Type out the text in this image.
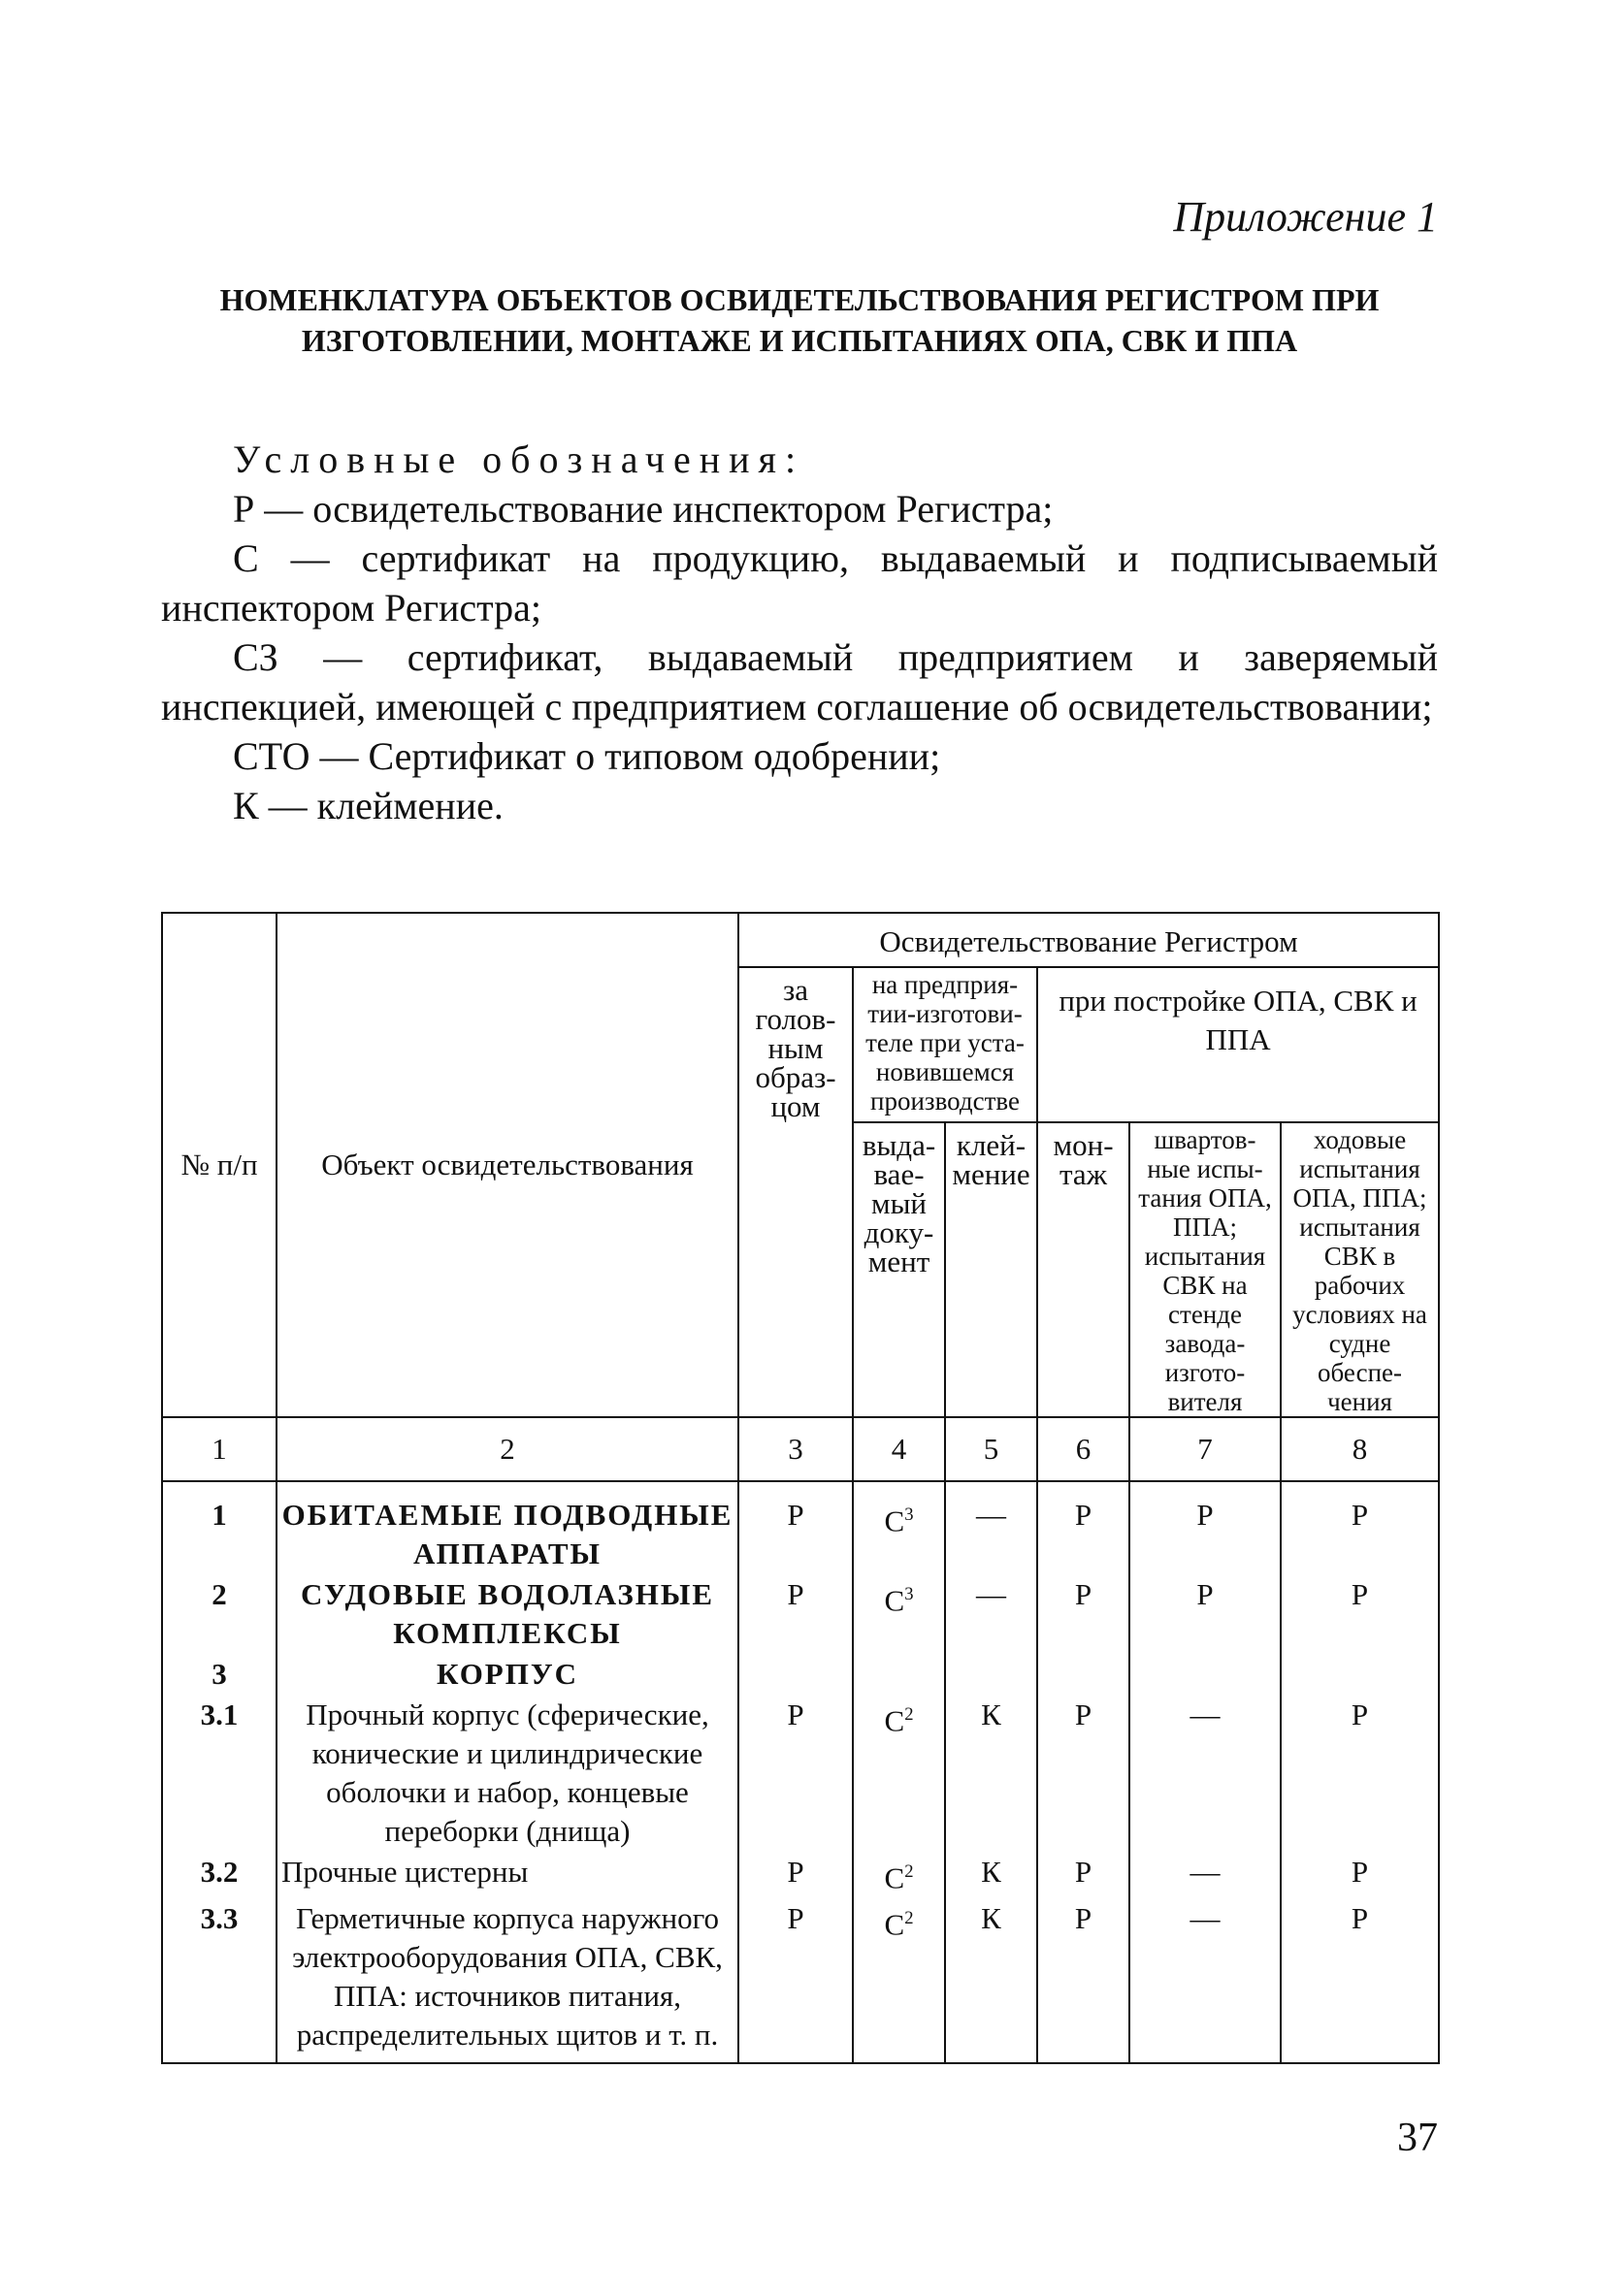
Приложение 1
НОМЕНКЛАТУРА ОБЪЕКТОВ ОСВИДЕТЕЛЬСТВОВАНИЯ РЕГИСТРОМ ПРИ
ИЗГОТОВЛЕНИИ, МОНТАЖЕ И ИСПЫТАНИЯХ ОПА, СВК И ППА

Условные обозначения:

Р — освидетельствование инспектором Регистра;

С — сертификат на продукцию, выдаваемый и подписываемый инспектором Регистра;

СЗ — сертификат, выдаваемый предприятием и заверяемый инспекцией, имеющей с предприятием соглашение об освидетельствовании;

СТО — Сертификат о типовом одобрении;

К — клеймение.

№ п/п	Объект освидетельствования	Освидетельствование Регистром					
		за голов-ным образ-цом	на предприя-тии-изготови-теле при уста-новившемся производстве		при постройке ОПА, СВК и ППА		
			выда-вае-мый доку-мент	клей-мение	мон-таж	швартов-ные испы-тания ОПА, ППА; испытания СВК на стенде завода-изгото-вителя	ходовые испытания ОПА, ППА; испытания СВК в рабочих условиях на судне обеспе-чения
1	2	3	4	5	6	7	8
1	ОБИТАЕМЫЕ ПОДВОДНЫЕ АППАРАТЫ	Р	$С^3$	—	Р	Р	Р
2	СУДОВЫЕ ВОДОЛАЗНЫЕ КОМПЛЕКСЫ	Р	$С^3$	—	Р	Р	Р
3	КОРПУС						
3.1	Прочный корпус (сферические, конические и цилиндрические оболочки и набор, концевые переборки (днища)	Р	$С^2$	К	Р	—	Р
3.2	Прочные цистерны	Р	$С^2$	К	Р	—	Р
3.3	Герметичные корпуса наружного электрооборудования ОПА, СВК, ППА: источников питания, распределительных щитов и т. п.	Р	$С^2$	К	Р	—	Р
37
